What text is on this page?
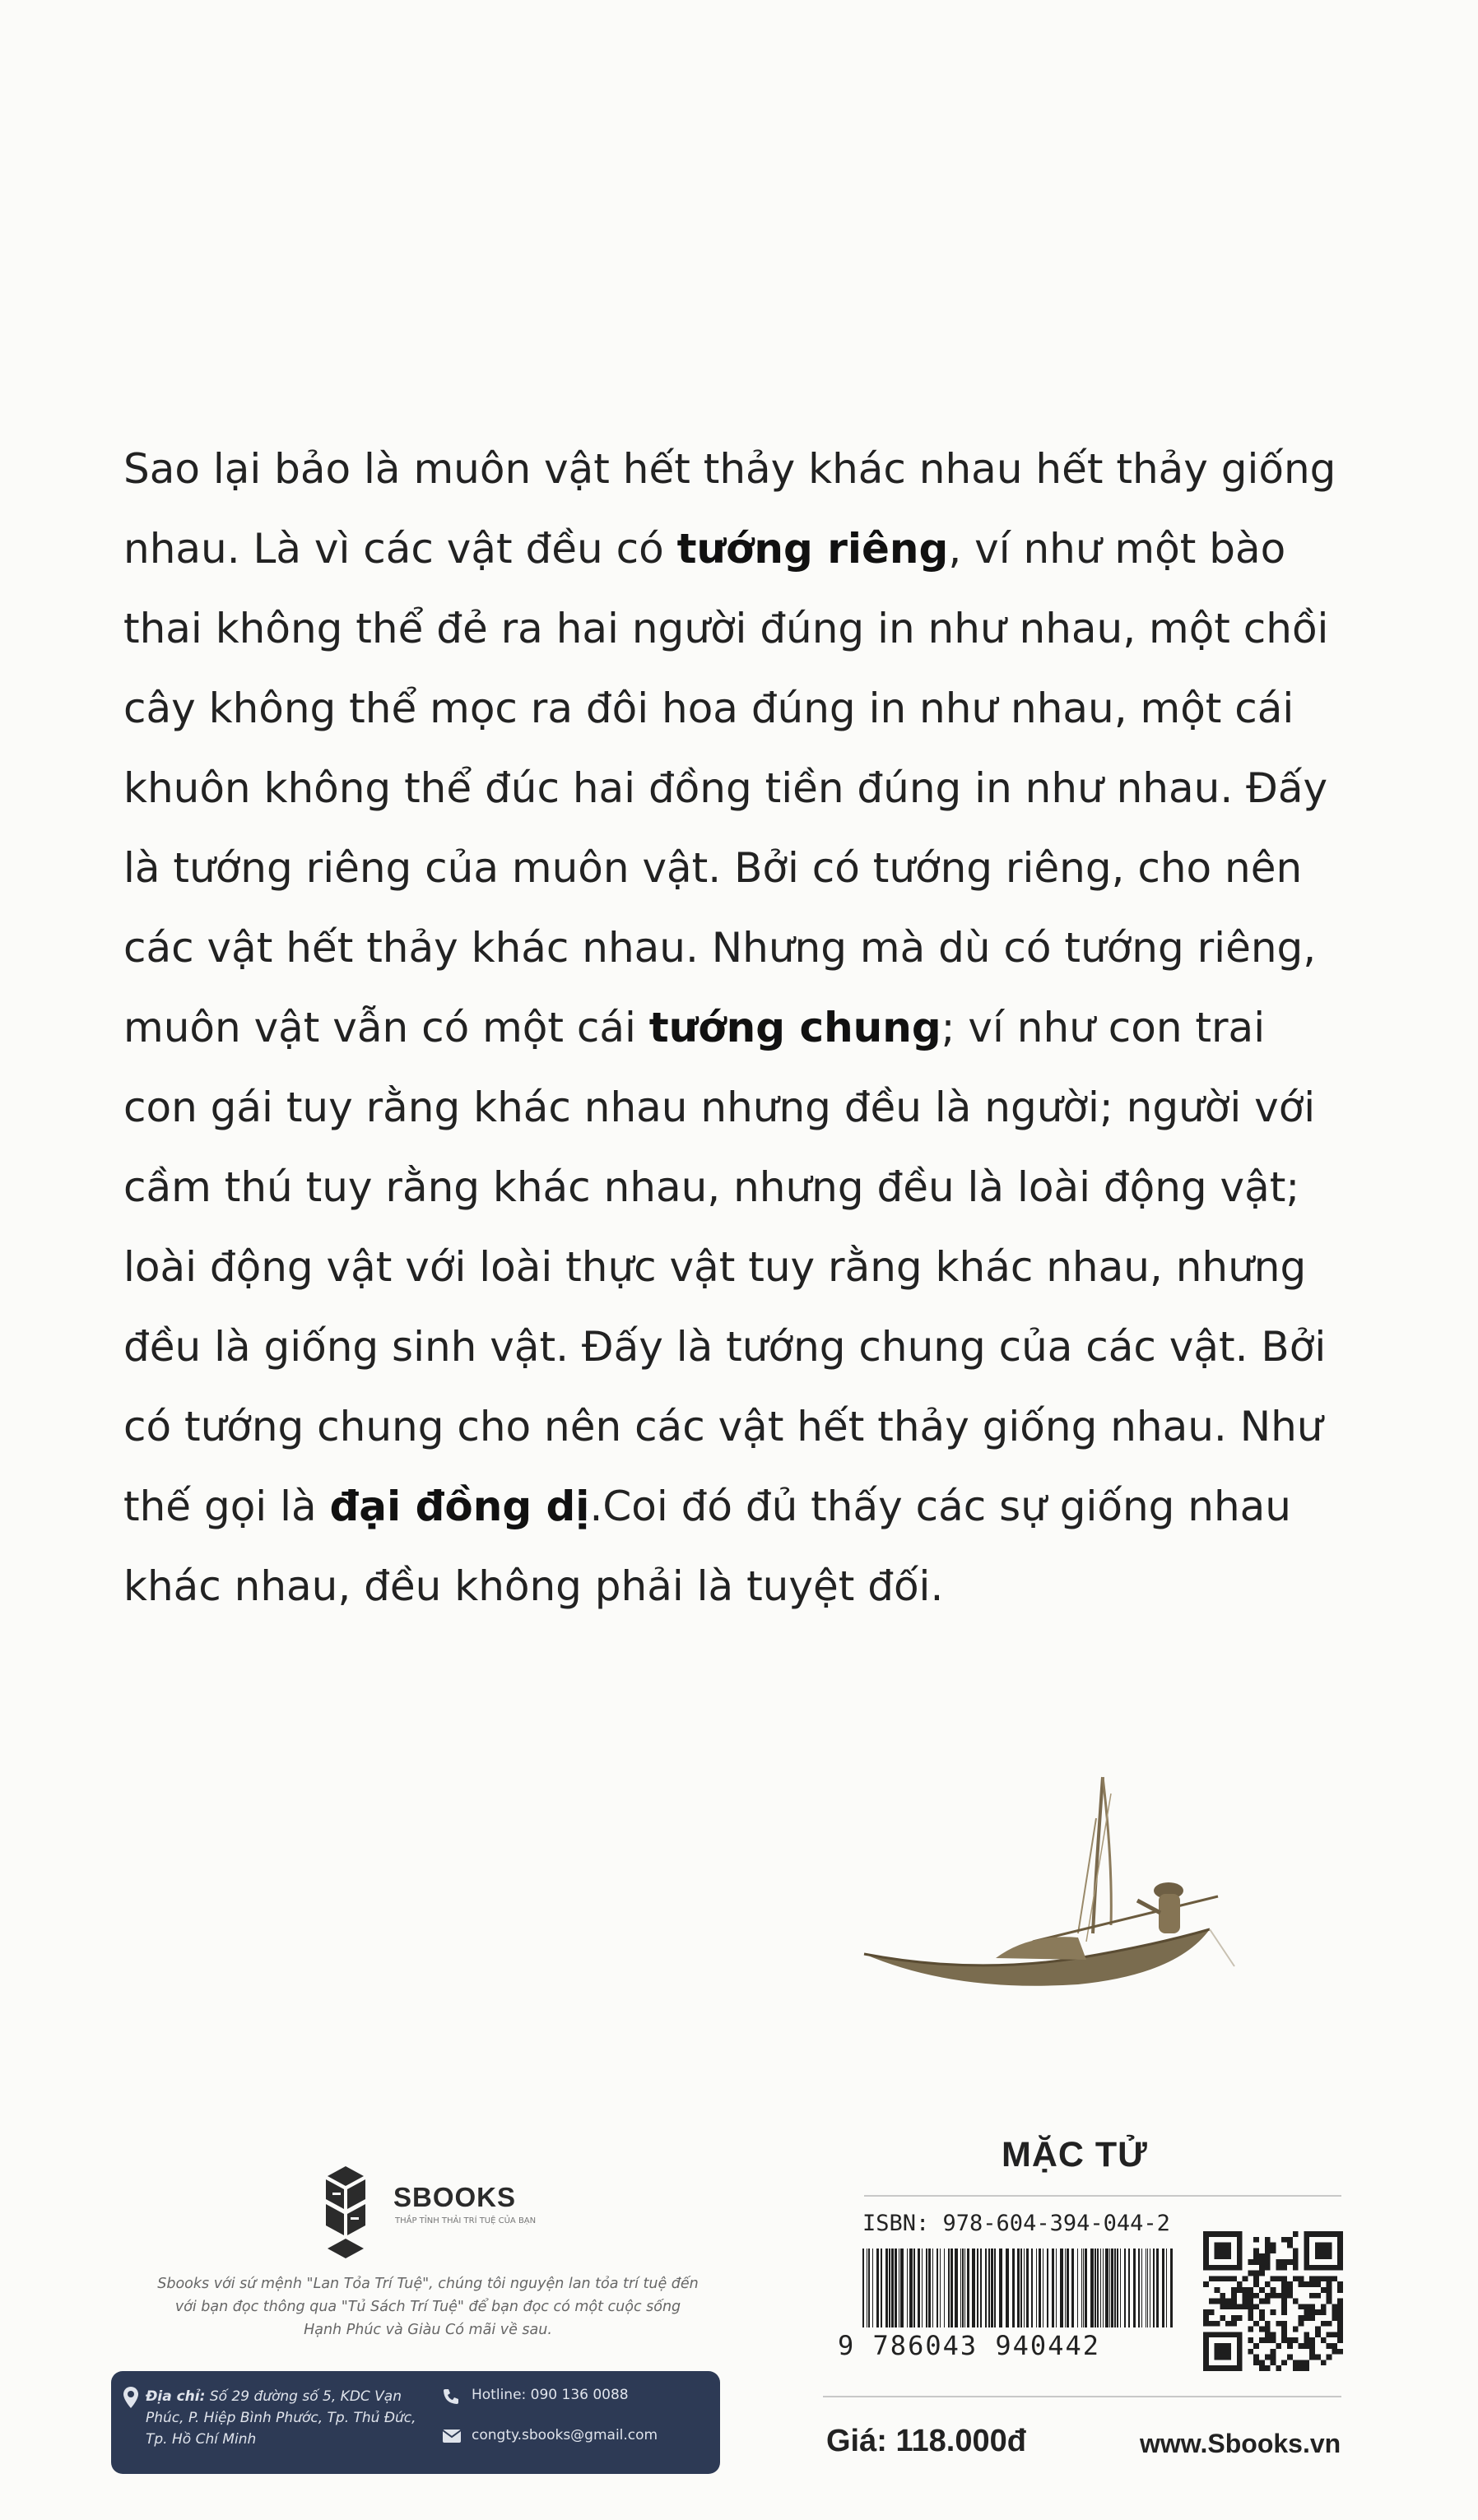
Sao lại bảo là muôn vật hết thảy khác nhau hết thảy giống
nhau. Là vì các vật đều có tướng riêng, ví như một bào
thai không thể đẻ ra hai người đúng in như nhau, một chồi
cây không thể mọc ra đôi hoa đúng in như nhau, một cái
khuôn không thể đúc hai đồng tiền đúng in như nhau. Đấy
là tướng riêng của muôn vật. Bởi có tướng riêng, cho nên
các vật hết thảy khác nhau. Nhưng mà dù có tướng riêng,
muôn vật vẫn có một cái tướng chung; ví như con trai
con gái tuy rằng khác nhau nhưng đều là người; người với
cầm thú tuy rằng khác nhau, nhưng đều là loài động vật;
loài động vật với loài thực vật tuy rằng khác nhau, nhưng
đều là giống sinh vật. Đấy là tướng chung của các vật. Bởi
có tướng chung cho nên các vật hết thảy giống nhau. Như
thế gọi là đại đồng dị.Coi đó đủ thấy các sự giống nhau
khác nhau, đều không phải là tuyệt đối.
SBOOKS
THẮP TỈNH THẢI TRÍ TUỆ CỦA BẠN
Sbooks với sứ mệnh "Lan Tỏa Trí Tuệ", chúng tôi nguyện lan tỏa trí tuệ đến với bạn đọc thông qua "Tủ Sách Trí Tuệ" để bạn đọc có một cuộc sống Hạnh Phúc và Giàu Có mãi về sau.
Địa chỉ: Số 29 đường số 5, KDC Vạn Phúc, P. Hiệp Bình Phước, Tp. Thủ Đức, Tp. Hồ Chí Minh
Hotline: 090 136 0088
congty.sbooks@gmail.com
MẶC TỬ
ISBN: 978-604-394-044-2
9 786043 940442
Giá: 118.000đ	www.Sbooks.vn
